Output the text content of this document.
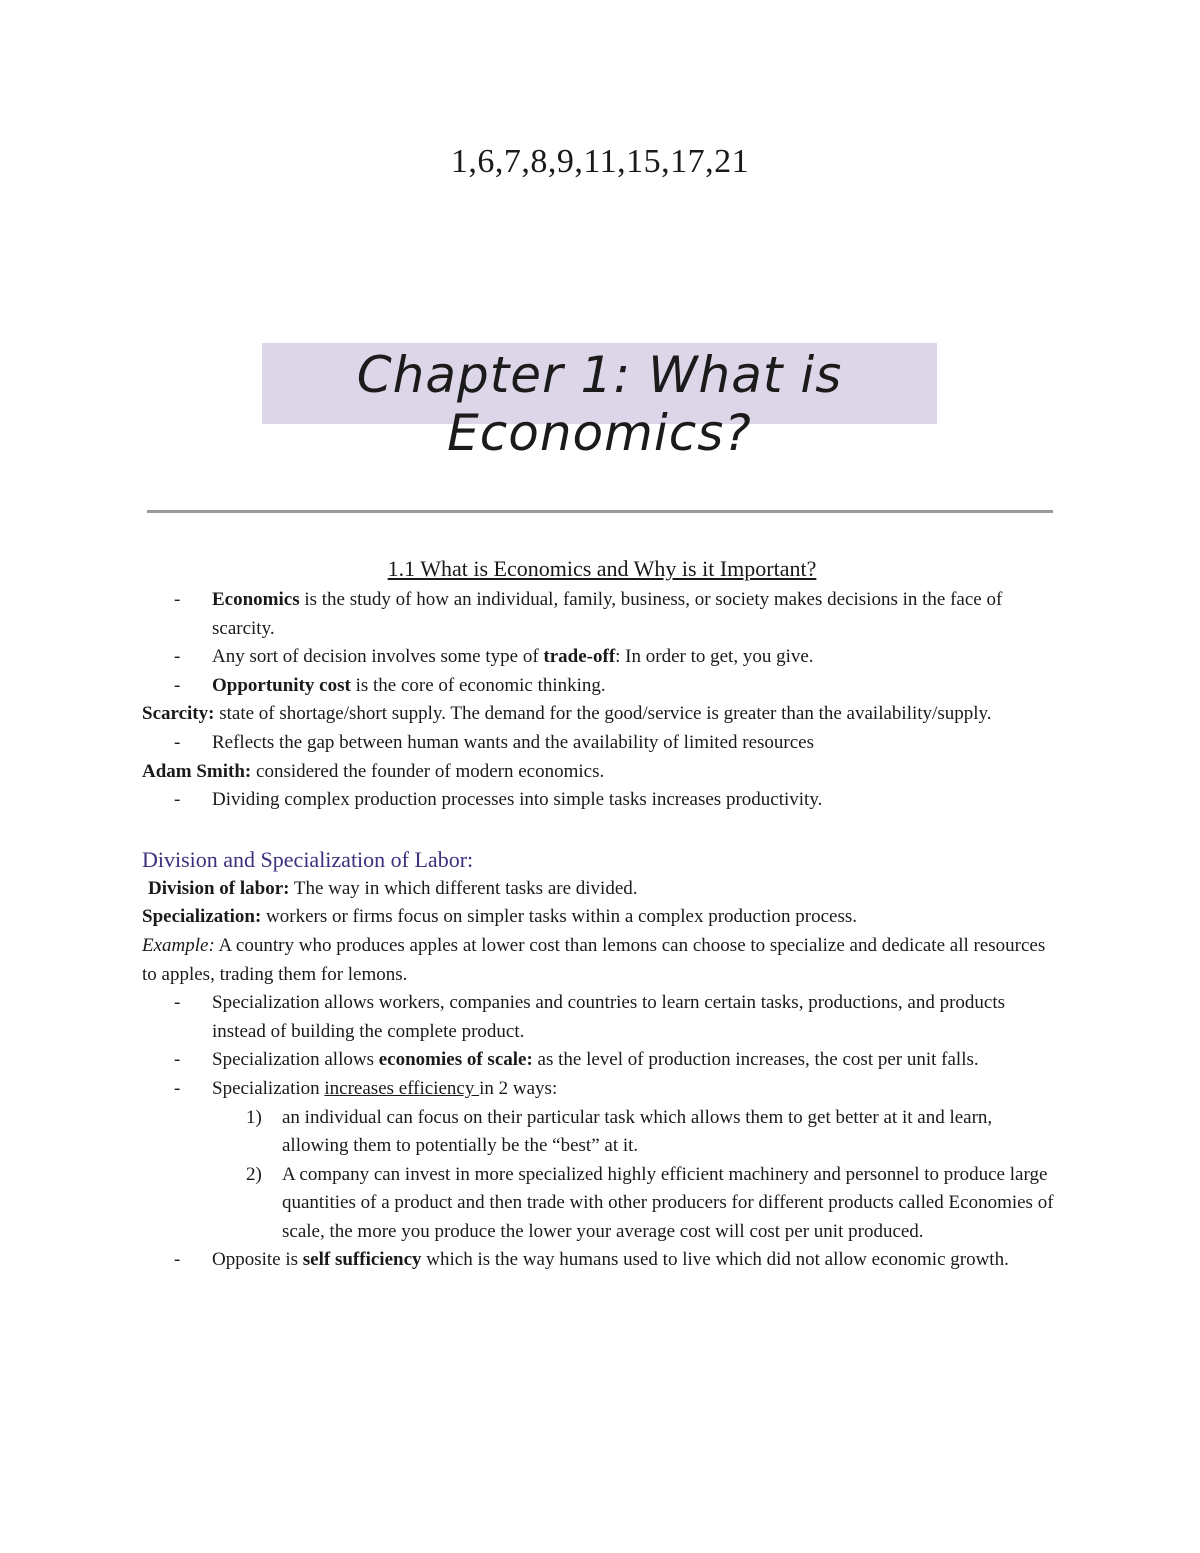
1,6,7,8,9,11,15,17,21
Chapter 1: What is Economics?
1.1 What is Economics and Why is it Important?
- Economics is the study of how an individual, family, business, or society makes decisions in the face of scarcity.
- Any sort of decision involves some type of trade-off: In order to get, you give.
- Opportunity cost is the core of economic thinking.
Scarcity: state of shortage/short supply. The demand for the good/service is greater than the availability/supply.
- Reflects the gap between human wants and the availability of limited resources
Adam Smith: considered the founder of modern economics.
- Dividing complex production processes into simple tasks increases productivity.
Division and Specialization of Labor:
Division of labor: The way in which different tasks are divided.
Specialization: workers or firms focus on simpler tasks within a complex production process.
Example: A country who produces apples at lower cost than lemons can choose to specialize and dedicate all resources to apples, trading them for lemons.
- Specialization allows workers, companies and countries to learn certain tasks, productions, and products instead of building the complete product.
- Specialization allows economies of scale: as the level of production increases, the cost per unit falls.
- Specialization increases efficiency in 2 ways:
1) an individual can focus on their particular task which allows them to get better at it and learn, allowing them to potentially be the “best” at it.
2) A company can invest in more specialized highly efficient machinery and personnel to produce large quantities of a product and then trade with other producers for different products called Economies of scale, the more you produce the lower your average cost will cost per unit produced.
- Opposite is self sufficiency which is the way humans used to live which did not allow economic growth.
